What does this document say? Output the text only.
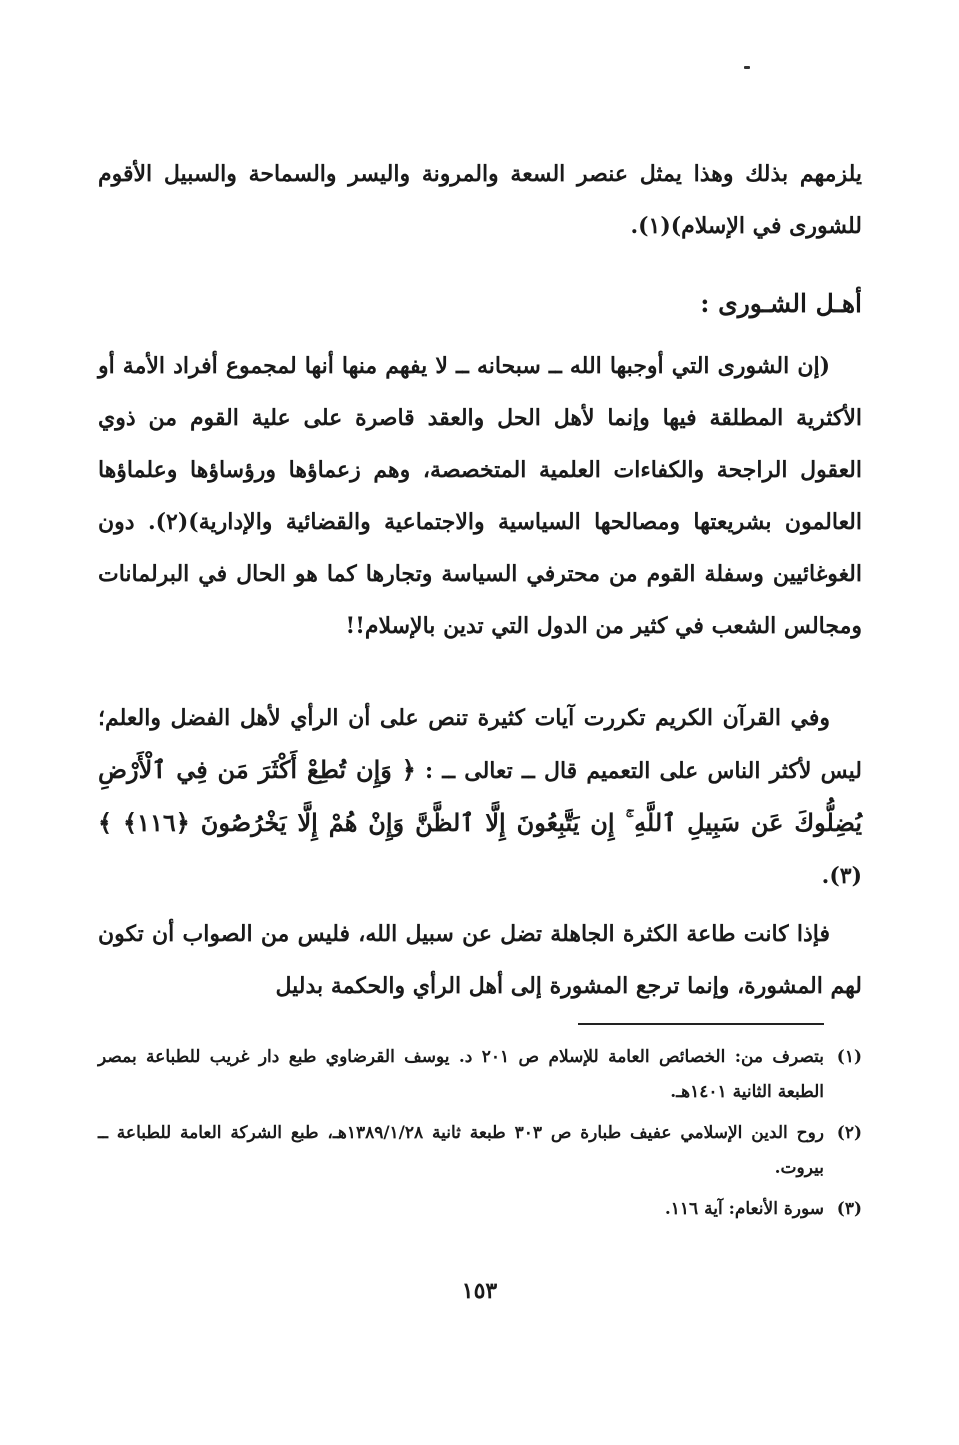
يلزمهم بذلك وهذا يمثل عنصر السعة والمرونة واليسر والسماحة والسبيل الأقوم للشورى في الإسلام)(١).

أهـل الشـورى :

(إن الشورى التي أوجبها الله ــ سبحانه ــ لا يفهم منها أنها لمجموع أفراد الأمة أو الأكثرية المطلقة فيها وإنما لأهل الحل والعقد قاصرة على علية القوم من ذوي العقول الراجحة والكفاءات العلمية المتخصصة، وهم زعماؤها ورؤساؤها وعلماؤها العالمون بشريعتها ومصالحها السياسية والاجتماعية والقضائية والإدارية)(٢). دون الغوغائيين وسفلة القوم من محترفي السياسة وتجارها كما هو الحال في البرلمانات ومجالس الشعب في كثير من الدول التي تدين بالإسلام!!

وفي القرآن الكريم تكررت آيات كثيرة تنص على أن الرأي لأهل الفضل والعلم؛ ليس لأكثر الناس على التعميم قال ــ تعالى ــ : ﴿ وَإِن تُطِعْ أَكْثَرَ مَن فِي ٱلْأَرْضِ يُضِلُّوكَ عَن سَبِيلِ ٱللَّهِ ۚ إِن يَتَّبِعُونَ إِلَّا ٱلظَّنَّ وَإِنْ هُمْ إِلَّا يَخْرُصُونَ ﴿١١٦﴾ ﴾(٣).

فإذا كانت طاعة الكثرة الجاهلة تضل عن سبيل الله، فليس من الصواب أن تكون لهم المشورة، وإنما ترجع المشورة إلى أهل الرأي والحكمة بدليل

(١)
بتصرف من: الخصائص العامة للإسلام ص ٢٠١ د. يوسف القرضاوي طبع دار غريب للطباعة بمصر الطبعة الثانية ١٤٠١هـ.
(٢)
روح الدين الإسلامي عفيف طبارة ص ٣٠٣ طبعة ثانية ١٣٨٩/١/٢٨هـ، طبع الشركة العامة للطباعة ــ بيروت.
(٣)
سورة الأنعام: آية ١١٦.
١٥٣
